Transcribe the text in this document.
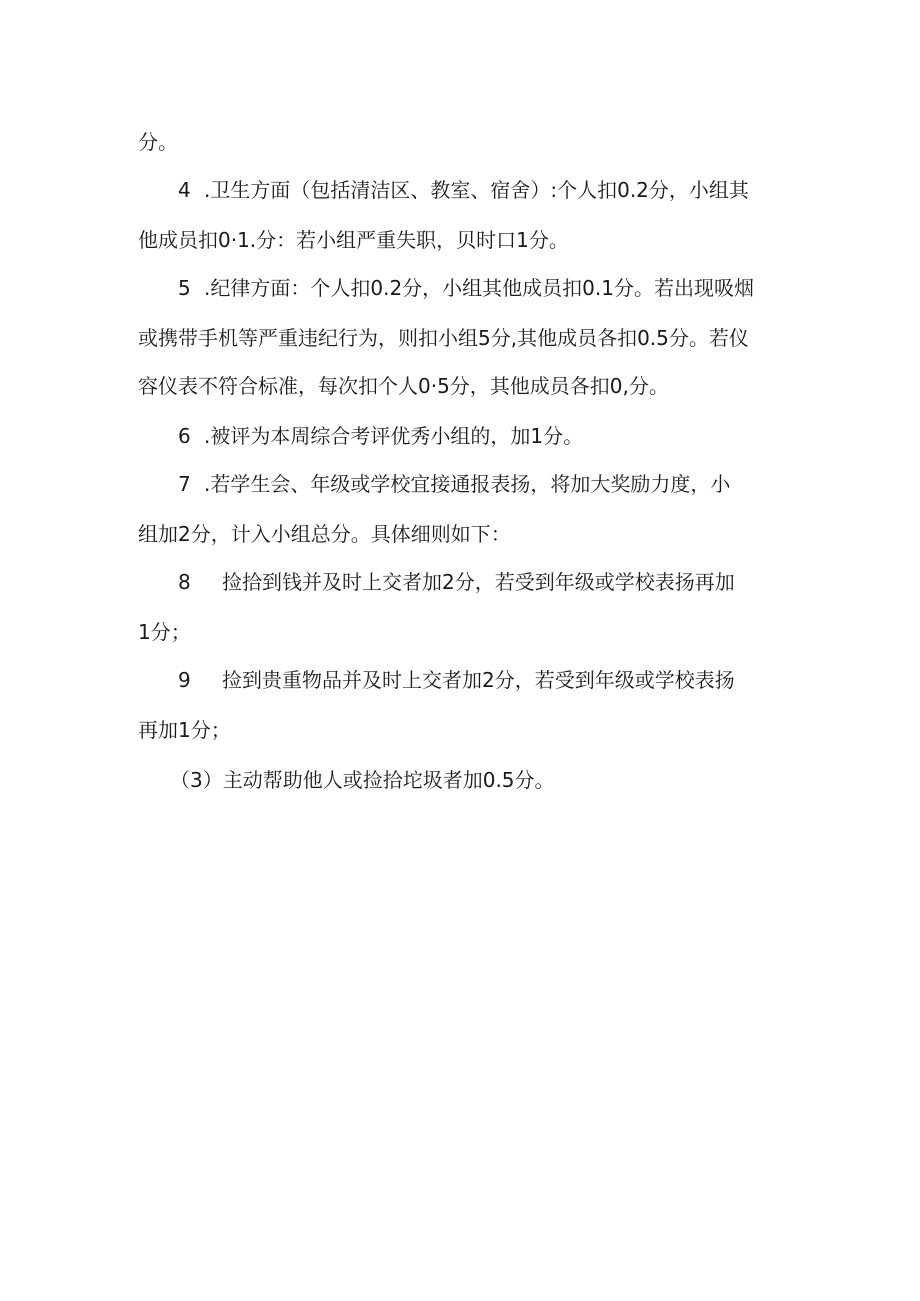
分。
4 .卫生方面（包括清洁区、教室、宿舍）:个人扣0.2分，小组其
他成员扣0·1.分：若小组严重失职，贝时口1分。
5 .纪律方面：个人扣0.2分，小组其他成员扣0.1分。若出现吸烟
或携带手机等严重违纪行为，则扣小组5分,其他成员各扣0.5分。若仪
容仪表不符合标准，每次扣个人0·5分，其他成员各扣0,分。
6 .被评为本周综合考评优秀小组的，加1分。
7 .若学生会、年级或学校宜接通报表扬，将加大奖励力度，小
组加2分，计入小组总分。具体细则如下：
8 捡拾到钱并及时上交者加2分，若受到年级或学校表扬再加
1分；
9 捡到贵重物品并及时上交者加2分，若受到年级或学校表扬
再加1分；
（3）主动帮助他人或捡拾坨圾者加0.5分。
